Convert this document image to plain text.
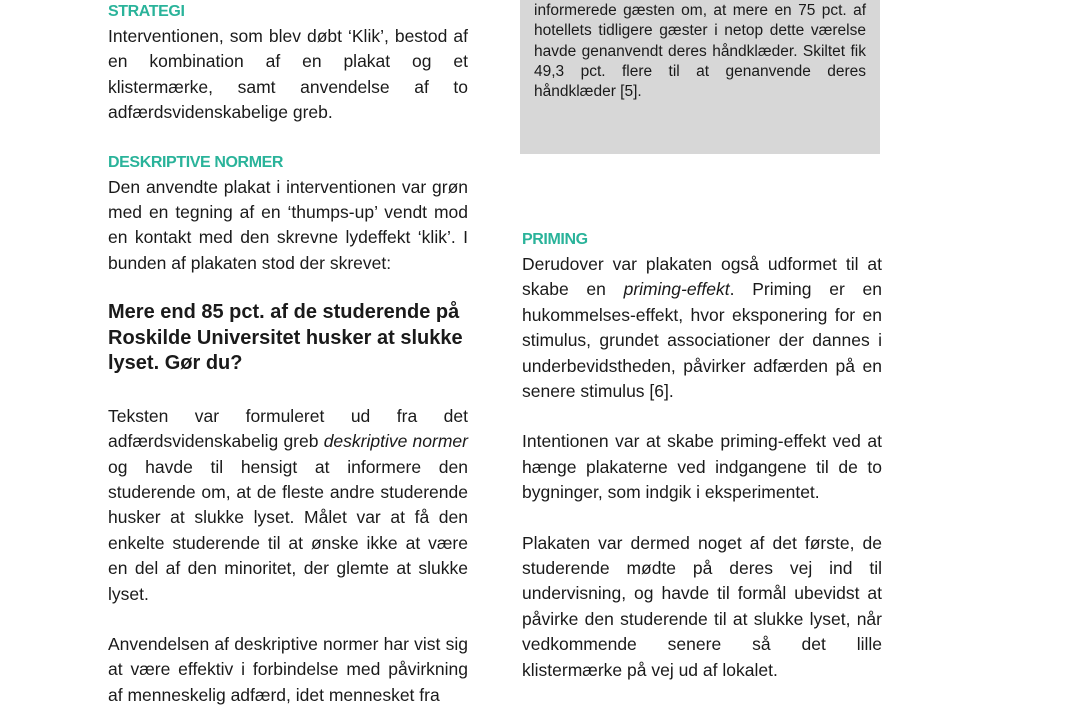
STRATEGI

Interventionen, som blev døbt ‘Klik’, bestod af en kombination af en plakat og et klistermærke, samt anvendelse af to adfærdsvidenskabelige greb.

DESKRIPTIVE NORMER

Den anvendte plakat i interventionen var grøn med en tegning af en ‘thumps-up’ vendt mod en kontakt med den skrevne lydeffekt ‘klik’. I bunden af plakaten stod der skrevet:

Mere end 85 pct. af de studerende på Roskilde Universitet husker at slukke lyset. Gør du?

Teksten var formuleret ud fra det adfærdsvidenskabelig greb deskriptive normer og havde til hensigt at informere den studerende om, at de fleste andre studerende husker at slukke lyset. Målet var at få den enkelte studerende til at ønske ikke at være en del af den minoritet, der glemte at slukke lyset.

Anvendelsen af deskriptive normer har vist sig at være effektiv i forbindelse med påvirkning af menneskelig adfærd, idet mennesket fra

informerede gæsten om, at mere en 75 pct. af hotellets tidligere gæster i netop dette værelse havde genanvendt deres håndklæder. Skiltet fik 49,3 pct. flere til at genanvende deres håndklæder [5].

PRIMING

Derudover var plakaten også udformet til at skabe en priming-effekt. Priming er en hukommelses-effekt, hvor eksponering for en stimulus, grundet associationer der dannes i underbevidstheden, påvirker adfærden på en senere stimulus [6].

Intentionen var at skabe priming-effekt ved at hænge plakaterne ved indgangene til de to bygninger, som indgik i eksperimentet.

Plakaten var dermed noget af det første, de studerende mødte på deres vej ind til undervisning, og havde til formål ubevidst at påvirke den studerende til at slukke lyset, når vedkommende senere så det lille klistermærke på vej ud af lokalet.
